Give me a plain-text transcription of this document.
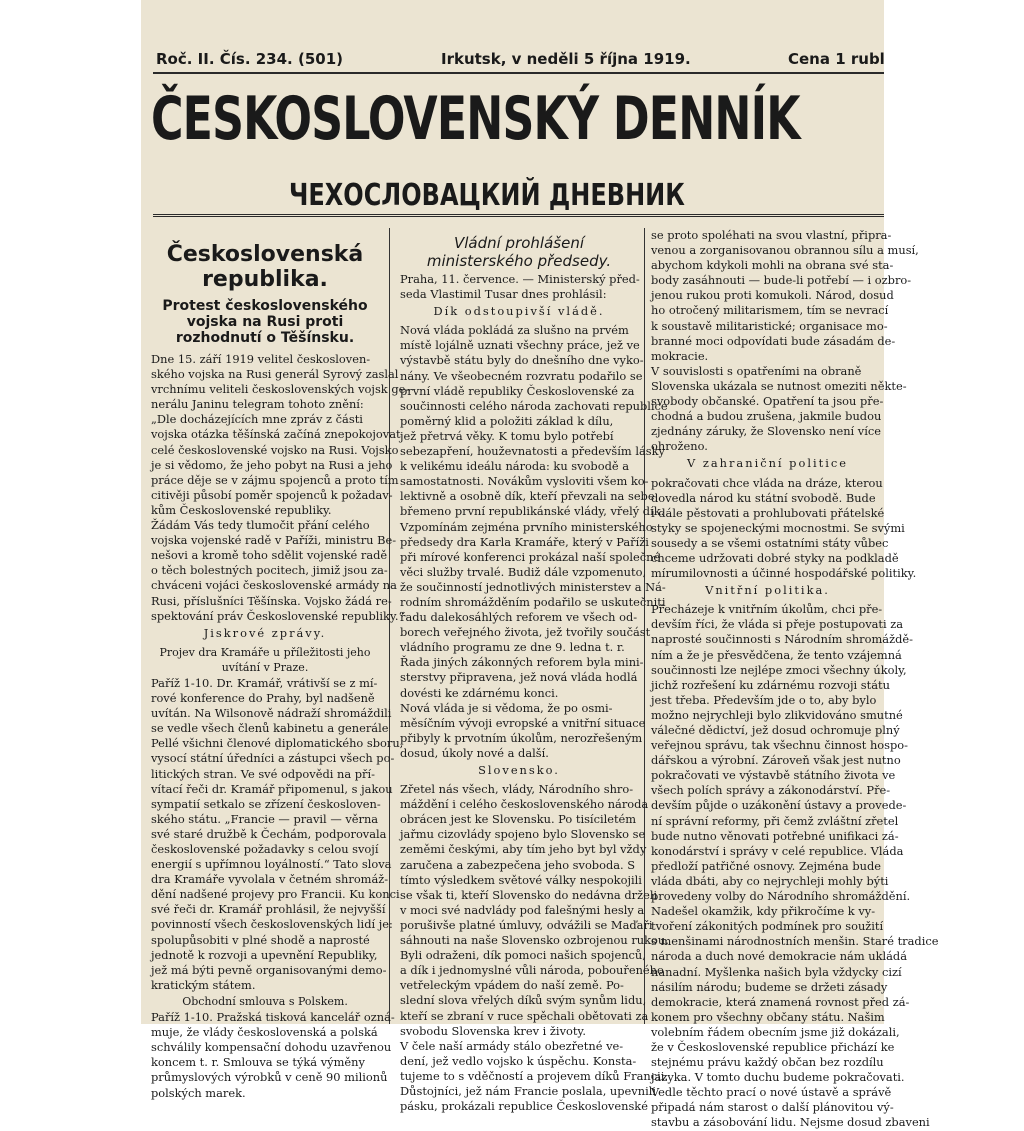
Roč. II. Čís. 234. (501)	Irkutsk, v neděli 5 října 1919.	Cena 1 rubl
ČESKOSLOVENSKÝ DENNÍK
ЧЕХОСЛОВАЦКИЙ ДНЕВНИК
Československá republika.
Protest československého vojska na Rusi proti rozhodnutí o Těšínsku.
Dne 15. září 1919 velitel českosloven-
ského vojska na Rusi generál Syrový zaslal
vrchnímu veliteli československých vojsk ge-
nerálu Janinu telegram tohoto znění:
„Dle docházejících mne zpráv z části
vojska otázka těšínská začíná znepokojovat
celé československé vojsko na Rusi. Vojsko
je si vědomo, že jeho pobyt na Rusi a jeho
práce děje se v zájmu spojenců a proto tím
citivěji působí poměr spojenců k požadav-
kům Československé republiky.
Žádám Vás tedy tlumočit přání celého
vojska vojenské radě v Paříži, ministru Be-
nešovi a kromě toho sdělit vojenské radě
o těch bolestných pocitech, jimiž jsou za-
chváceni vojáci československé armády na
Rusi, příslušníci Těšínska. Vojsko žádá re-
spektování práv Československé republiky.“
Jiskrové zprávy.
Projev dra Kramáře u příležitosti jeho uvítání v Praze.
Paříž 1-10. Dr. Kramář, vrátivší se z mí-
rové konference do Prahy, byl nadšeně
uvítán. Na Wilsonově nádraží shromáždili
se vedle všech členů kabinetu a generále
Pellé všichni členové diplomatického sboru,
vysocí státní úředníci a zástupci všech po-
litických stran. Ve své odpovědi na pří-
vítací řeči dr. Kramář připomenul, s jakou
sympatií setkalo se zřízení českosloven-
ského státu. „Francie — pravil — věrna
své staré družbě k Čechám, podporovala
československé požadavky s celou svojí
energií s upřímnou loyálností.“ Tato slova
dra Kramáře vyvolala v četném shromáž-
dění nadšené projevy pro Francii. Ku konci
své řeči dr. Kramář prohlásil, že nejvyšší
povinností všech československých lidí je:
spolupůsobiti v plné shodě a naprosté
jednotě k rozvoji a upevnění Republiky,
jež má býti pevně organisovanými demo-
kratickým státem.
Obchodní smlouva s Polskem.
Paříž 1-10. Pražská tisková kancelář ozná-
muje, že vlády československá a polská
schválily kompensační dohodu uzavřenou
koncem t. r. Smlouva se týká výměny
průmyslových výrobků v ceně 90 milionů
polských marek.
Vládní prohlášení ministerského předsedy.
Praha, 11. července. — Ministerský před-
seda Vlastimil Tusar dnes prohlásil:
Dík odstoupivší vládě.
Nová vláda pokládá za slušno na prvém
místě lojálně uznati všechny práce, jež ve
výstavbě státu byly do dnešního dne vyko-
nány. Ve všeobecném rozvratu podařilo se
první vládě republiky Československé za
součinnosti celého národa zachovati republice
poměrný klid a položiti základ k dílu,
jež přetrvá věky. K tomu bylo potřebí
sebezapření, houževnatosti a především lásky
k velikému ideálu národa: ku svobodě a
samostatnosti. Novákům vysloviti všem ko-
lektivně a osobně dík, kteří převzali na sebe
břemeno první republikánské vlády, vřelý dík.
Vzpomínám zejména prvního ministerského
předsedy dra Karla Kramáře, který v Paříži
při mírové konferenci prokázal naší společné
věci služby trvalé. Budiž dále vzpomenuto,
že součinností jednotlivých ministerstev a Ná-
rodním shromážděním podařilo se uskutečniti
řadu dalekosáhlých reforem ve všech od-
borech veřejného života, jež tvořily součást
vládního programu ze dne 9. ledna t. r.
Řada jiných zákonných reforem byla mini-
sterstvy připravena, jež nová vláda hodlá
dovésti ke zdárnému konci.
Nová vláda je si vědoma, že po osmi-
měsíčním vývoji evropské a vnitřní situace
přibyly k prvotním úkolům, nerozřešeným
dosud, úkoly nové a další.
Slovensko.
Zřetel nás všech, vlády, Národního shro-
máždění i celého československého národa
obrácen jest ke Slovensku. Po tisíciletém
jařmu cizovlády spojeno bylo Slovensko se
zeměmi českými, aby tím jeho byt byl vždy
zaručena a zabezpečena jeho svoboda. S
tímto výsledkem světové války nespokojili
se však ti, kteří Slovensko do nedávna drželi
v moci své nadvlády pod falešnými hesly a
porušivše platné úmluvy, odvážili se Maďaři
sáhnouti na naše Slovensko ozbrojenou rukou.
Byli odraženi, dík pomoci našich spojenců,
a dík i jednomyslné vůli národa, pobouřeného
vetřeleckým vpádem do naší země. Po-
slední slova vřelých díků svým synům lidu,
kteří se zbraní v ruce spěchali obětovati za
svobodu Slovenska krev i životy.
V čele naší armády stálo obezřetné ve-
dení, jež vedlo vojsko k úspěchu. Konsta-
tujeme to s vděčností a projevem díků Francii.
Důstojníci, jež nám Francie poslala, upevnili
pásku, prokázali republice Československé
se proto spoléhati na svou vlastní, připra-
venou a zorganisovanou obrannou sílu a musí,
abychom kdykoli mohli na obrana své sta-
body zasáhnouti — bude-li potřebí — i ozbro-
jenou rukou proti komukoli. Národ, dosud
ho otročený militarismem, tím se nevrací
k soustavě militaristické; organisace mo-
branné moci odpovídati bude zásadám de-
mokracie.
V souvislosti s opatřeními na obraně
Slovenska ukázala se nutnost omeziti někte-
svobody občanské. Opatření ta jsou pře-
chodná a budou zrušena, jakmile budou
zjednány záruky, že Slovensko není více
ohroženo.
V zahraniční politice
pokračovati chce vláda na dráze, kterou
dovedla národ ku státní svobodě. Bude
i dále pěstovati a prohlubovati přátelské
styky se spojeneckými mocnostmi. Se svými
sousedy a se všemi ostatními státy vůbec
chceme udržovati dobré styky na podkladě
mírumilovnosti a účinné hospodářské politiky.
Vnitřní politika.
Přecházeje k vnitřním úkolům, chci pře-
devším říci, že vláda si přeje postupovati za
naprosté součinnosti s Národním shromáždě-
ním a že je přesvědčena, že tento vzájemná
součinnosti lze nejlépe zmoci všechny úkoly,
jichž rozřešení ku zdárnému rozvoji státu
jest třeba. Především jde o to, aby bylo
možno nejrychleji bylo zlikvidováno smutné
válečné dědictví, jež dosud ochromuje plný
veřejnou správu, tak všechnu činnost hospo-
dářskou a výrobní. Zároveň však jest nutno
pokračovati ve výstavbě státního života ve
všech polích správy a zákonodárství. Pře-
devším půjde o uzákonění ústavy a provede-
ní správní reformy, při čemž zvláštní zřetel
bude nutno věnovati potřebné unifikaci zá-
konodárství i správy v celé republice. Vláda
předloží patřičné osnovy. Zejména bude
vláda dbáti, aby co nejrychleji mohly býti
provedeny volby do Národního shromáždění.
Nadešel okamžik, kdy přikročíme k vy-
tvoření zákonitých podmínek pro soužití
s menšinami národnostních menšin. Staré tradice
národa a duch nové demokracie nám ukládá
nanadní. Myšlenka našich byla vždycky cizí
násilím národu; budeme se držeti zásady
demokracie, která znamená rovnost před zá-
konem pro všechny občany státu. Našim
volebním řádem obecním jsme již dokázali,
že v Československé republice přichází ke
stejnému právu každý občan bez rozdílu
jazyka. V tomto duchu budeme pokračovati.
Vedle těchto prací o nové ústavě a správě
připadá nám starost o další plánovitou vý-
stavbu a zásobování lidu. Nejsme dosud zbaveni
